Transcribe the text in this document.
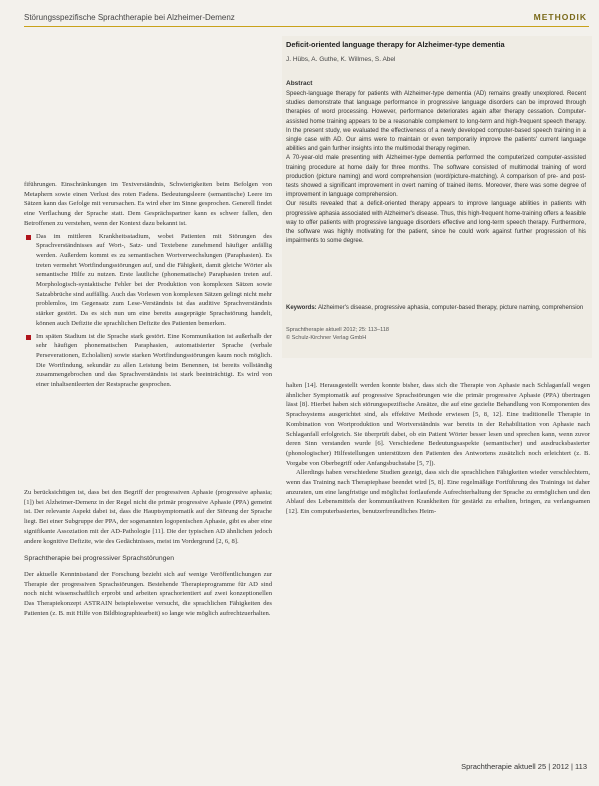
Störungsspezifische Sprachtherapie bei Alzheimer-Demenz	METHODIK
Deficit-oriented language therapy for Alzheimer-type dementia
J. Hübs, A. Guthe, K. Willmes, S. Abel
Abstract

Speech-language therapy for patients with Alzheimer-type dementia (AD) remains greatly unexplored. Recent studies demonstrate that language performance in progressive language disorders can be improved through therapies of word processing. However, performance deteriorates again after therapy cessation. Computer-assisted home training appears to be a reasonable complement to long-term and high-frequent speech therapy. In the present study, we evaluated the effectiveness of a newly developed computer-based speech training in a single case with AD. Our aims were to maintain or even temporarily improve the patients' current language abilities and gain further insights into the multimodal therapy regimen.

A 70-year-old male presenting with Alzheimer-type dementia performed the computerized computer-assisted training procedure at home daily for three months. The software consisted of multimodal training of word production (picture naming) and word comprehension (word/picture-matching). A comparison of pre- and post-tests showed a significant improvement in overt naming of trained items. Moreover, there was some degree of improvement in language comprehension.

Our results revealed that a deficit-oriented therapy appears to improve language abilities in patients with progressive aphasia associated with Alzheimer's disease. Thus, this high-frequent home-training offers a feasible way to offer patients with progressive language disorders effective and long-term speech therapy. Furthermore, the software was highly motivating for the patient, since he could work against further progression of his impairments to some degree.

Keywords: Alzheimer's disease, progressive aphasia, computer-based therapy, picture naming, comprehension
Sprachtherapie aktuell 2012; 25: 113–118
© Schulz-Kirchner Verlag GmbH

fiführungen. Einschränkungen im Textverständnis, Schwierigkeiten beim Befolgen von Metaphern sowie einen Verlust des roten Fadens. Bedeutungsleere (semantische) Leere im Sätzen kann das Gefolge mit verursachen. Es wird eher im Sinne gesprochen. Generell findet eine Verflachung der Sprache statt. Dem Gesprächspartner kann es schwer fallen, den Betroffenen zu verstehen, wenn der Kontext dazu bekannt ist.

Das im mittleren Krankheitsstadium, wobei Patienten mit Störungen des Sprachverständnisses auf Wort-, Satz- und Textebene zunehmend häufiger anfällig werden. Außerdem kommt es zu semantischen Wortverwechslungen (Paraphasien). Es treten vermehrt Wortfindungsstörungen auf, und die Fähigkeit, damit gleiche Wörter als semantische Hilfe zu nutzen. Erste lautliche (phonematische) Paraphasien treten auf. Morphologisch-syntaktische Fehler bei der Produktion von komplexen Sätzen sowie Satzabbrüche sind auffällig. Auch das Vorlesen von komplexen Sätzen gelingt nicht mehr problemlos, im Gegensatz zum Lese-Verständnis ist das auditive Sprachverständnis stärker gestört. Da es sich nun um eine bereits ausgeprägte Sprachstörung handelt, können auch Defizite die sprachlichen Defizite des Patienten bemerken.

Im späten Stadium ist die Sprache stark gestört. Eine Kommunikation ist außerhalb der sehr häufigen phonematischen Paraphasien, automatisierter Sprache (verbale Perseverationen, Echolalien) sowie starken Wortfindungsstörungen kaum noch möglich. Die Wortfindung, sekundär zu allen Leistung beim Benennen, ist bereits vollständig zusammengebrochen und das Sprachverständnis ist stark beeinträchtigt. Es wird von einer inhaltsentleerten der Restsprache gesprochen.

Zu berücksichtigen ist, dass bei den Begriff der progressiven Aphasie (progressive aphasia; [1]) bei Alzheimer-Demenz in der Regel nicht die primär progressive Aphasie (PPA) gemeint ist. Der relevante Aspekt dabei ist, dass die Hauptsymptomatik auf der Störung der Sprache liegt. Bei einer Subgruppe der PPA, der sogenannten logopenischen Aphasie, gibt es aber eine signifikante Assoziation mit der AD-Pathologie [11]. Die der typischen AD ähnlichen jedoch andere kognitive Defizite, wie des Gedächtnisses, meist im Vordergrund [2, 6, 8].

Sprachtherapie bei progressiver Sprachstörungen

Der aktuelle Kenntnisstand der Forschung bezieht sich auf wenige Veröffentlichungen zur Therapie der progressiven Sprachstörungen. Bestehende Therapieprogramme für AD sind noch nicht wissenschaftlich erprobt und arbeiten sprachorientiert auf zwei konzeptionellen Das Therapiekonzept ASTRAIN beispielsweise versucht, die sprachlichen Fähigkeiten des Patienten (z. B. mit Hilfe von Bildbiographiearbeit) so lange wie möglich aufrechtzuerhalten.

halten [14]. Herausgestellt werden konnte bisher, dass sich die Therapie von Aphasie nach Schlaganfall wegen ähnlicher Symptomatik auf progressive Sprachstörungen wie die primär progressive Aphasie (PPA) übertragen lässt [8]. Hierbei haben sich störungsspezifische Ansätze, die auf eine gezielte Behandlung von Komponenten des Sprachsystems ausgerichtet sind, als effektive Methode erwiesen [5, 8, 12]. Eine traditionelle Therapie in Kombination von Wortproduktion und Wortverständnis war bereits in der Rehabilitation von Aphasie nach Schlaganfall erfolgreich. Sie überprüft dabei, ob ein Patient Wörter besser lesen und sprechen kann, wenn zuvor deren Sinn verstanden wurde [6]. Verschiedene Bedeutungsaspekte (semantischer) und ausdrucksbasierter (phonologischer) Hilfestellungen unterstützen den Patienten des Antwortens zusätzlich noch erleichtert (z. B. Vorgabe von Oberbegriff oder Anfangsbuchstabe [5, 7]).

Allerdings haben verschiedene Studien gezeigt, dass sich die sprachlichen Fähigkeiten wieder verschlechtern, wenn das Training nach Therapiephase beendet wird [5, 8]. Eine regelmäßige Fortführung des Trainings ist daher anzuraten, um eine langfristige und möglichst fortlaufende Aufrechterhaltung der Sprache zu ermöglichen und den Ablauf des Lebensmittels der kommunikativen Krankheiten für gestärkt zu erhalten, bringen, zu verlangsamen [12]. Ein computerbasiertes, benutzerfreundliches Heim-

Sprachtherapie aktuell 25 | 2012 | 113
